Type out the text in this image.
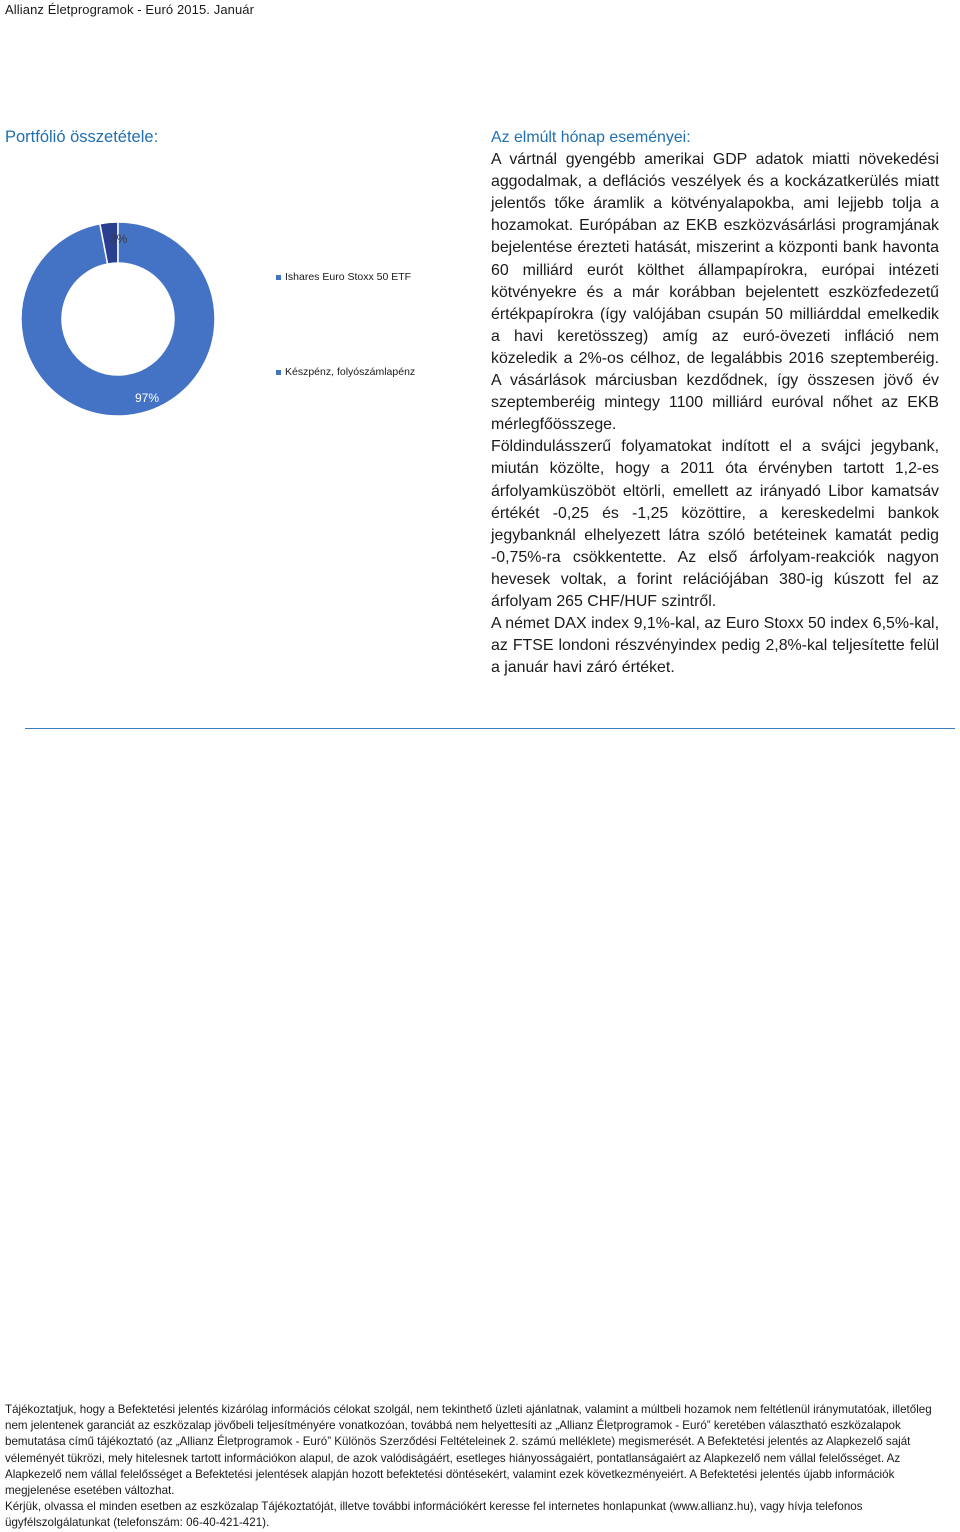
Allianz Életprogramok - Euró 2015. Január
Portfólió összetétele:
3%
97%
Ishares Euro Stoxx 50 ETF
Készpénz, folyószámlapénz
Az elmúlt hónap eseményei:

A vártnál gyengébb amerikai GDP adatok miatti növekedési aggodalmak, a deflációs veszélyek és a kockázatkerülés miatt jelentős tőke áramlik a kötvényalapokba, ami lejjebb tolja a hozamokat. Európában az EKB eszközvásárlási programjának bejelentése érezteti hatását, miszerint a központi bank havonta 60 milliárd eurót költhet állampapírokra, európai intézeti kötvényekre és a már korábban bejelentett eszközfedezetű értékpapírokra (így valójában csupán 50 milliárddal emelkedik a havi keretösszeg) amíg az euró-övezeti infláció nem közeledik a 2%-os célhoz, de legalábbis 2016 szeptemberéig. A vásárlások márciusban kezdődnek, így összesen jövő év szeptemberéig mintegy 1100 milliárd euróval nőhet az EKB mérlegfőösszege.

Földindulásszerű folyamatokat indított el a svájci jegybank, miután közölte, hogy a 2011 óta érvényben tartott 1,2-es árfolyamküszöböt eltörli, emellett az irányadó Libor kamatsáv értékét -0,25 és -1,25 közöttire, a kereskedelmi bankok jegybanknál elhelyezett látra szóló betéteinek kamatát pedig -0,75%-ra csökkentette. Az első árfolyam-reakciók nagyon hevesek voltak, a forint relációjában 380-ig kúszott fel az árfolyam 265 CHF/HUF szintről.

A német DAX index 9,1%-kal, az Euro Stoxx 50 index 6,5%-kal, az FTSE londoni részvényindex pedig 2,8%-kal teljesítette felül a január havi záró értéket.

Tájékoztatjuk, hogy a Befektetési jelentés kizárólag információs célokat szolgál, nem tekinthető üzleti ajánlatnak, valamint a múltbeli hozamok nem feltétlenül iránymutatóak, illetőleg nem jelentenek garanciát az eszközalap jövőbeli teljesítményére vonatkozóan, továbbá nem helyettesíti az „Allianz Életprogramok - Euró” keretében választható eszközalapok bemutatása című tájékoztató (az „Allianz Életprogramok - Euró” Különös Szerződési Feltételeinek 2. számú melléklete) megismerését. A Befektetési jelentés az Alapkezelő saját véleményét tükrözi, mely hitelesnek tartott információkon alapul, de azok valódiságáért, esetleges hiányosságaiért, pontatlanságaiért az Alapkezelő nem vállal felelősséget. Az Alapkezelő nem vállal felelősséget a Befektetési jelentések alapján hozott befektetési döntésekért, valamint ezek következményeiért. A Befektetési jelentés újabb információk megjelenése esetében változhat.

Kérjük, olvassa el minden esetben az eszközalap Tájékoztatóját, illetve további információkért keresse fel internetes honlapunkat (www.allianz.hu), vagy hívja telefonos ügyfélszolgálatunkat (telefonszám: 06-40-421-421).
